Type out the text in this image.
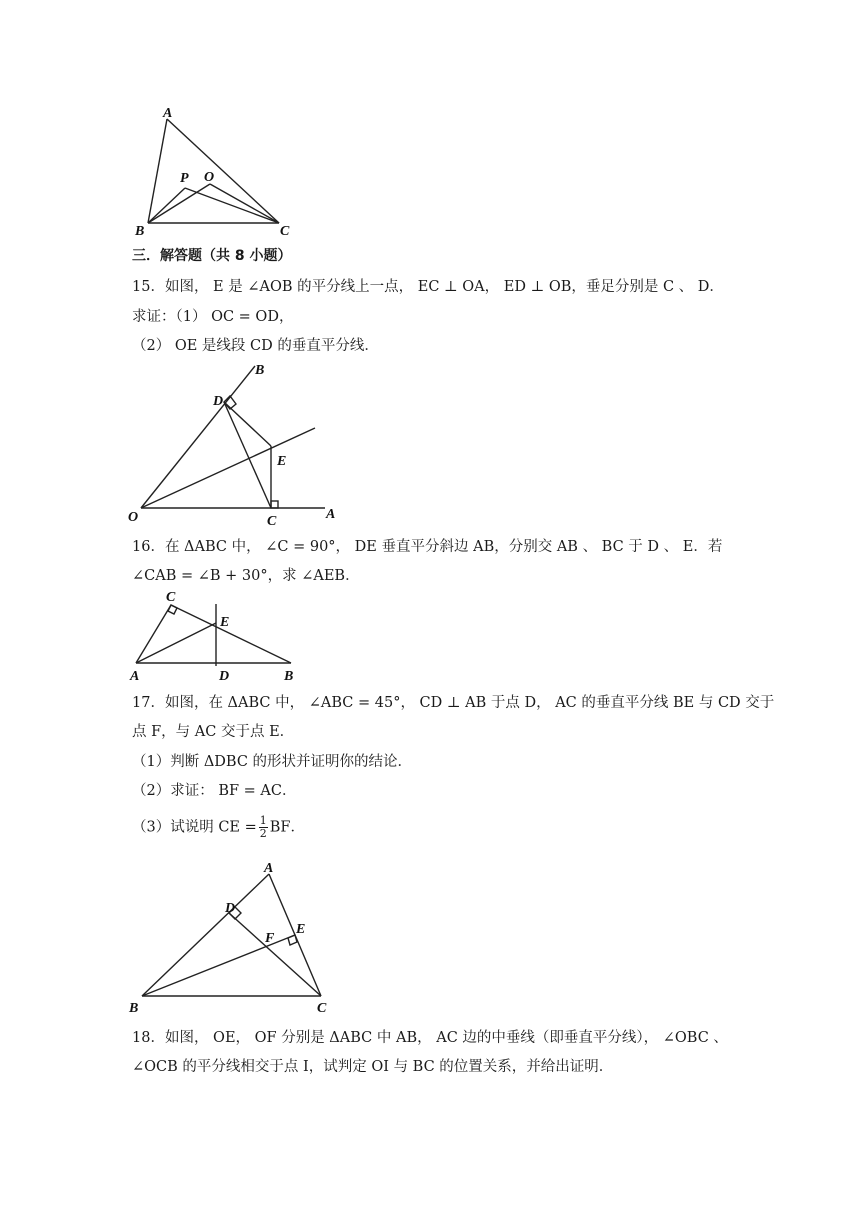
A
B	C
P O
三．解答题（共 8 小题）
15．如图， E 是 ∠AOB 的平分线上一点， EC ⊥ OA， ED ⊥ OB，垂足分别是 C 、 D．
求证：（1） OC = OD，
（2） OE 是线段 CD 的垂直平分线．
B
D
E
O	C	A
16．在 ΔABC 中， ∠C = 90°， DE 垂直平分斜边 AB，分别交 AB 、 BC 于 D 、 E．若
∠CAB = ∠B + 30°，求 ∠AEB．
C
E
A	D	B
17．如图，在 ΔABC 中， ∠ABC = 45°， CD ⊥ AB 于点 D， AC 的垂直平分线 BE 与 CD 交于
点 F，与 AC 交于点 E．
（1）判断 ΔDBC 的形状并证明你的结论．
（2）求证： BF = AC．
（3）试说明 CE = $\frac{1}{2}$ BF．
A
D
E
F
B	C
18．如图， OE， OF 分别是 ΔABC 中 AB， AC 边的中垂线（即垂直平分线）， ∠OBC 、
∠OCB 的平分线相交于点 I，试判定 OI 与 BC 的位置关系，并给出证明．
